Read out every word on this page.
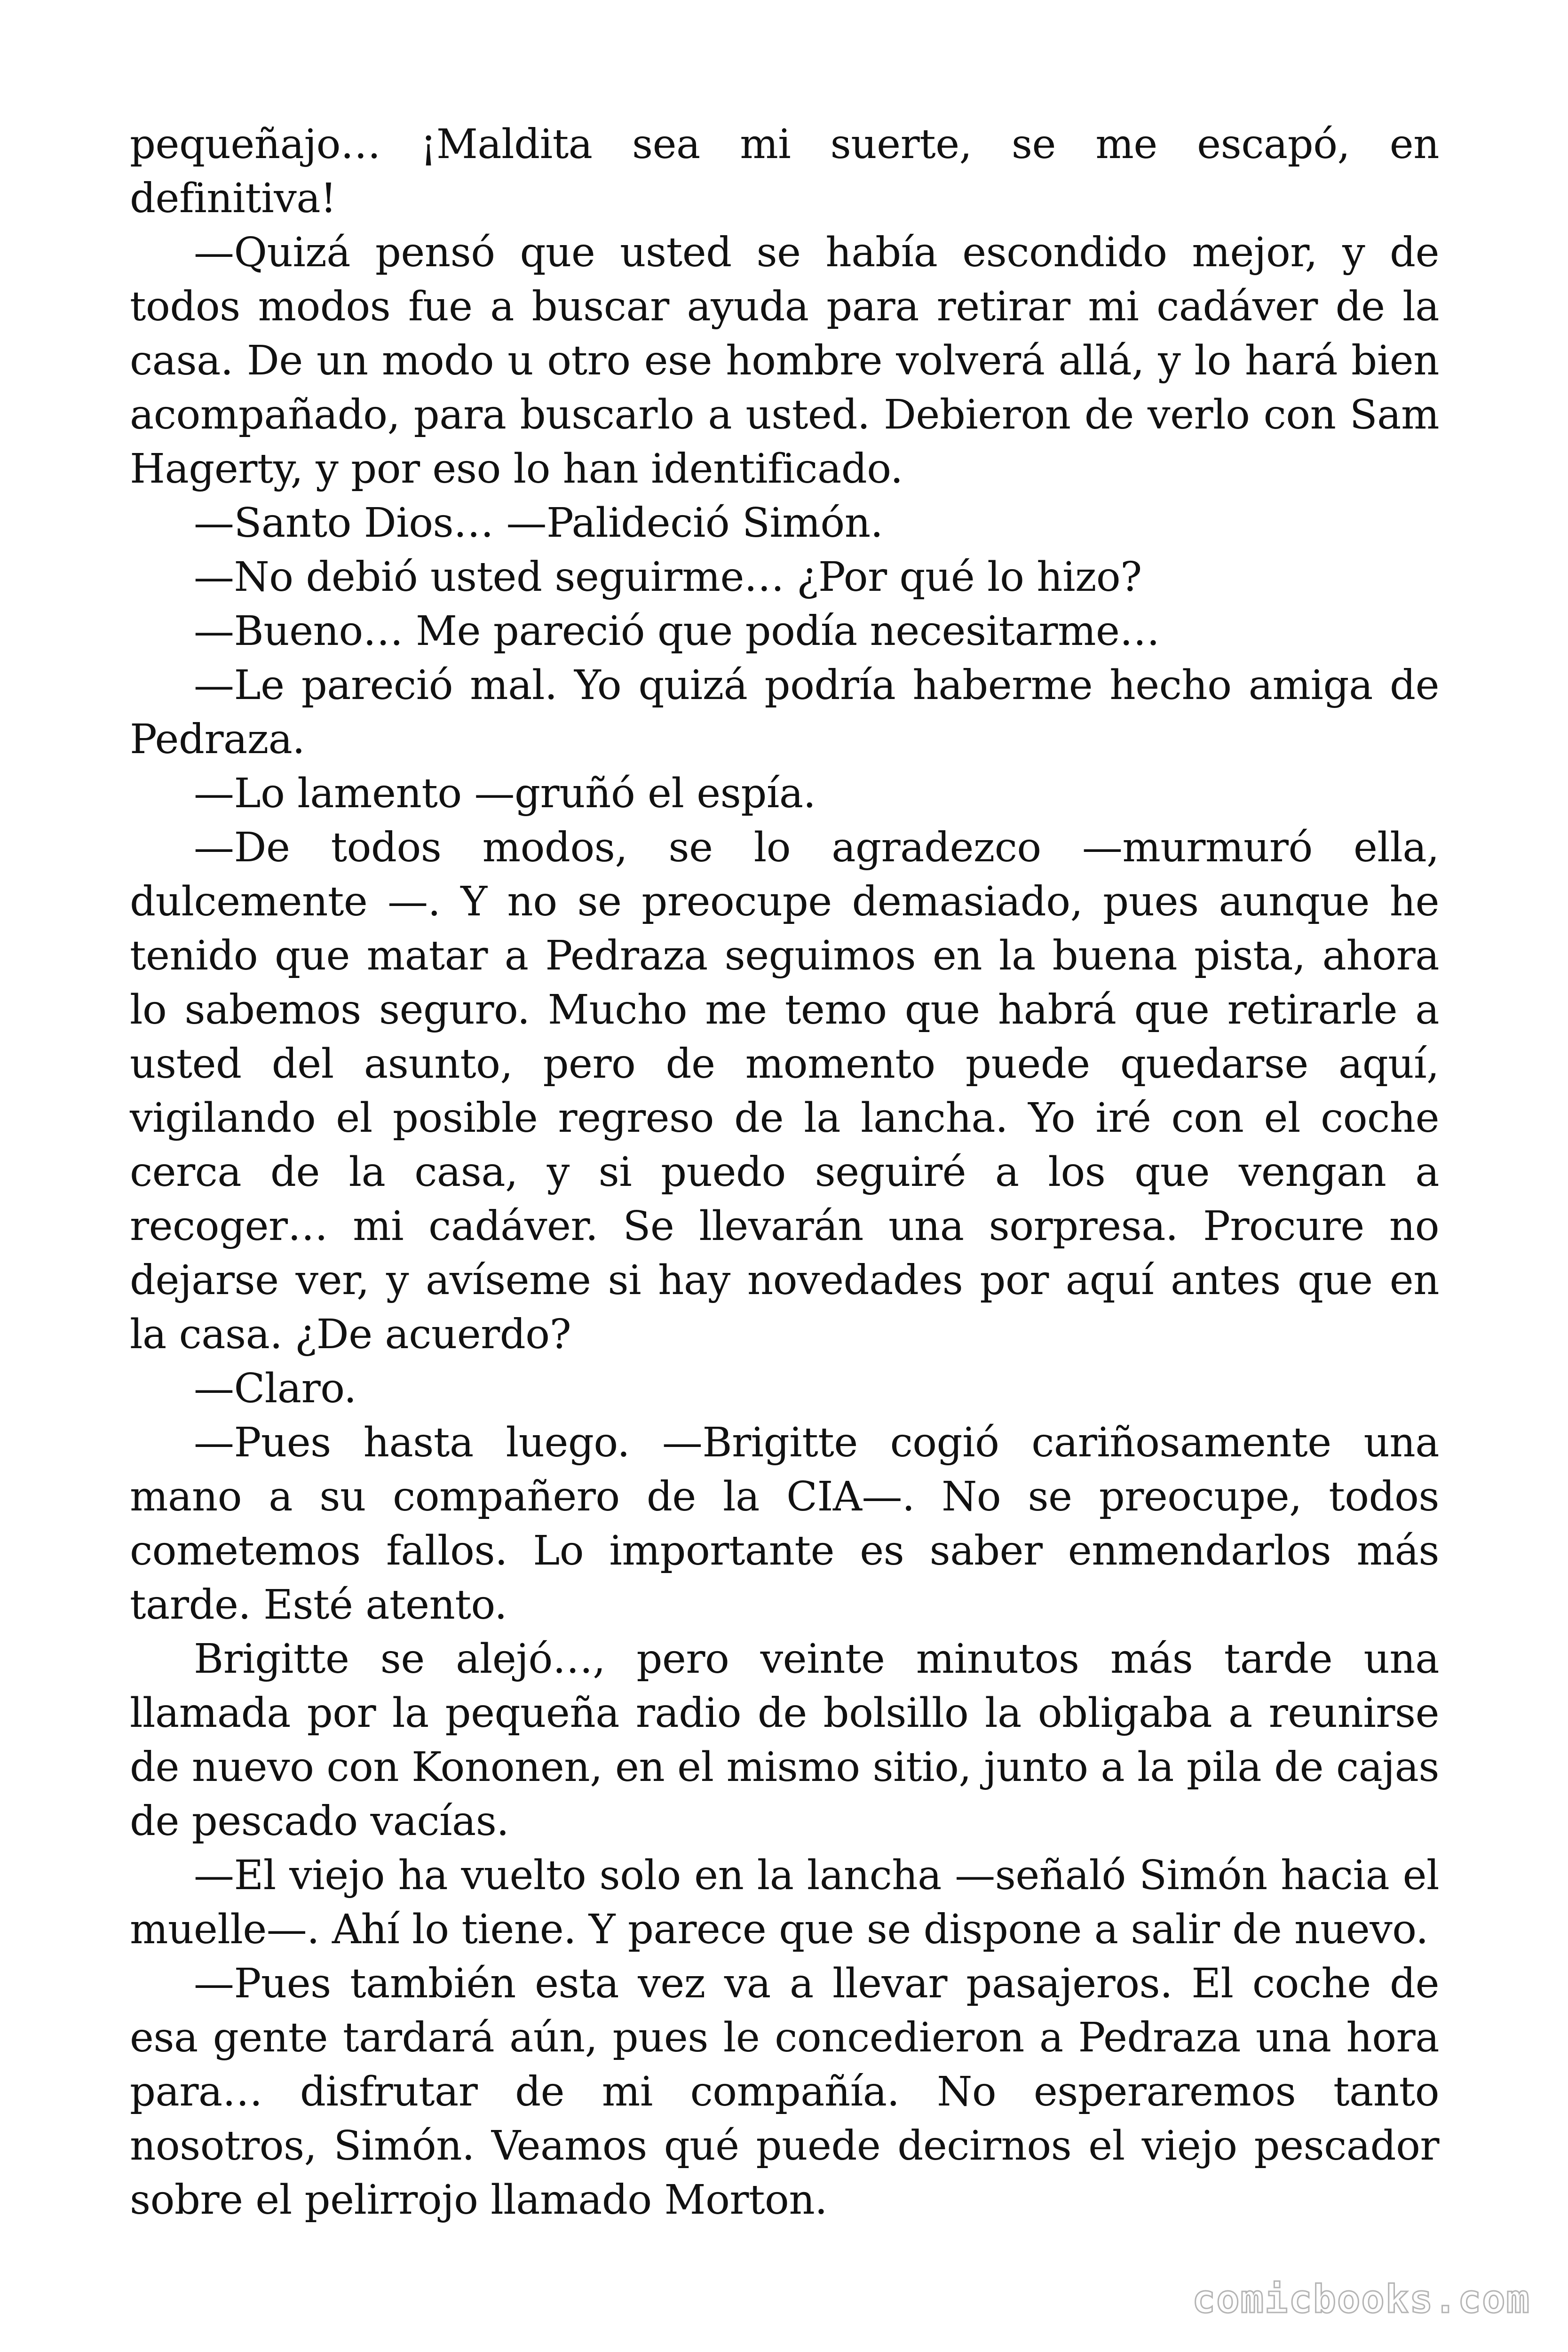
pequeñajo… ¡Maldita sea mi suerte, se me escapó, en definitiva!

—Quizá pensó que usted se había escondido mejor, y de todos modos fue a buscar ayuda para retirar mi cadáver de la casa. De un modo u otro ese hombre volverá allá, y lo hará bien acompañado, para buscarlo a usted. Debieron de verlo con Sam Hagerty, y por eso lo han identificado.

—Santo Dios… —Palideció Simón.

—No debió usted seguirme… ¿Por qué lo hizo?

—Bueno… Me pareció que podía necesitarme…

—Le pareció mal. Yo quizá podría haberme hecho amiga de Pedraza.

—Lo lamento —gruñó el espía.

—De todos modos, se lo agradezco —murmuró ella, dulcemente —. Y no se preocupe demasiado, pues aunque he tenido que matar a Pedraza seguimos en la buena pista, ahora lo sabemos seguro. Mucho me temo que habrá que retirarle a usted del asunto, pero de momento puede quedarse aquí, vigilando el posible regreso de la lancha. Yo iré con el coche cerca de la casa, y si puedo seguiré a los que vengan a recoger… mi cadáver. Se llevarán una sorpresa. Procure no dejarse ver, y avíseme si hay novedades por aquí antes que en la casa. ¿De acuerdo?

—Claro.

—Pues hasta luego. —Brigitte cogió cariñosamente una mano a su compañero de la CIA—. No se preocupe, todos cometemos fallos. Lo importante es saber enmendarlos más tarde. Esté atento.

Brigitte se alejó…, pero veinte minutos más tarde una llamada por la pequeña radio de bolsillo la obligaba a reunirse de nuevo con Kononen, en el mismo sitio, junto a la pila de cajas de pescado vacías.

—El viejo ha vuelto solo en la lancha —señaló Simón hacia el muelle—. Ahí lo tiene. Y parece que se dispone a salir de nuevo.

—Pues también esta vez va a llevar pasajeros. El coche de esa gente tardará aún, pues le concedieron a Pedraza una hora para… disfrutar de mi compañía. No esperaremos tanto nosotros, Simón. Veamos qué puede decirnos el viejo pescador sobre el pelirrojo llamado Morton.

comicbooks.com
